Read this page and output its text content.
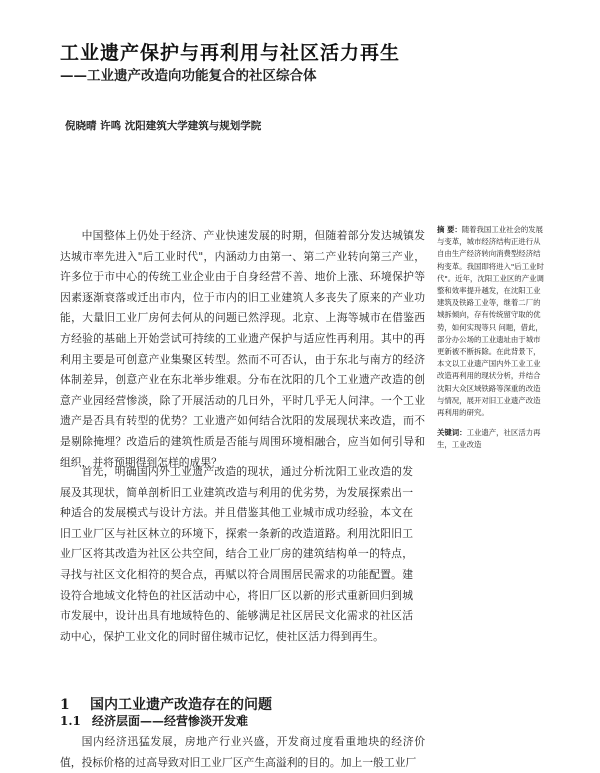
工业遗产保护与再利用与社区活力再生
——工业遗产改造向功能复合的社区综合体
倪晓晴 许鸣 沈阳建筑大学建筑与规划学院

中国整体上仍处于经济、产业快速发展的时期，但随着部分发达城镇发达城市率先进入"后工业时代"，内涵动力由第一、第二产业转向第三产业，许多位于市中心的传统工业企业由于自身经营不善、地价上涨、环境保护等因素逐渐衰落或迁出市内，位于市内的旧工业建筑人多丧失了原来的产业功能，大量旧工业厂房何去何从的问题已然浮现。北京、上海等城市在借鉴西方经验的基础上开始尝试可持续的工业遗产保护与适应性再利用。其中的再利用主要是可创意产业集聚区转型。然而不可否认，由于东北与南方的经济体制差异，创意产业在东北举步维艰。分布在沈阳的几个工业遗产改造的创意产业园经营惨淡，除了开展活动的几日外，平时几乎无人问津。一个工业遗产是否具有转型的优势？工业遗产如何结合沈阳的发展现状来改造，而不是剔除掩埋？改造后的建筑性质是否能与周围环境相融合，应当如何引导和组织，并将预期得到怎样的成果？

摘 要：随着我国工业社会的发展与变革，城市经济结构正进行从自由生产经济转向消费型经济结构变革。我国即将进入"后工业时代"。近年，沈阳工业区的产业调整和效率提升越发，在沈阳工业建筑及铁路工业等，继着二厂的城拆倾向，存有传统留守取的优势，如何实现等只 问题，借此，部分办公场的工业遗址由于城市更新被不断拆除。在此背景下，本文以工业遗产国内外工业工业改造再利用的现状分析，并结合沈阳大众区域铁路等深重的改造与情况，展开对旧工业遗产改造再利用的研究。

关键词：工业遗产，社区活力再生，工业改造

首先，明确国内外工业遗产改造的现状，通过分析沈阳工业改造的发展及其现状，简单剖析旧工业建筑改造与利用的优劣势，为发展探索出一种适合的发展模式与设计方法。并且借鉴其他工业城市成功经验，本文在旧工业厂区与社区林立的环境下，探索一条新的改造道路。利用沈阳旧工业厂区将其改造为社区公共空间，结合工业厂房的建筑结构单一的特点，寻找与社区文化相符的契合点，再赋以符合周围居民需求的功能配置。建设符合地域文化特色的社区活动中心，将旧厂区以新的形式重新回归到城市发展中，设计出具有地域特色的、能够满足社区居民文化需求的社区活动中心，保护工业文化的同时留住城市记忆，使社区活力得到再生。

1 国内工业遗产改造存在的问题
1.1 经济层面——经营惨淡开发难

国内经济迅猛发展，房地产行业兴盛，开发商过度看重地块的经济价值，投标价格的过高导致对旧工业厂区产生高溢利的目的。加上一般工业厂
